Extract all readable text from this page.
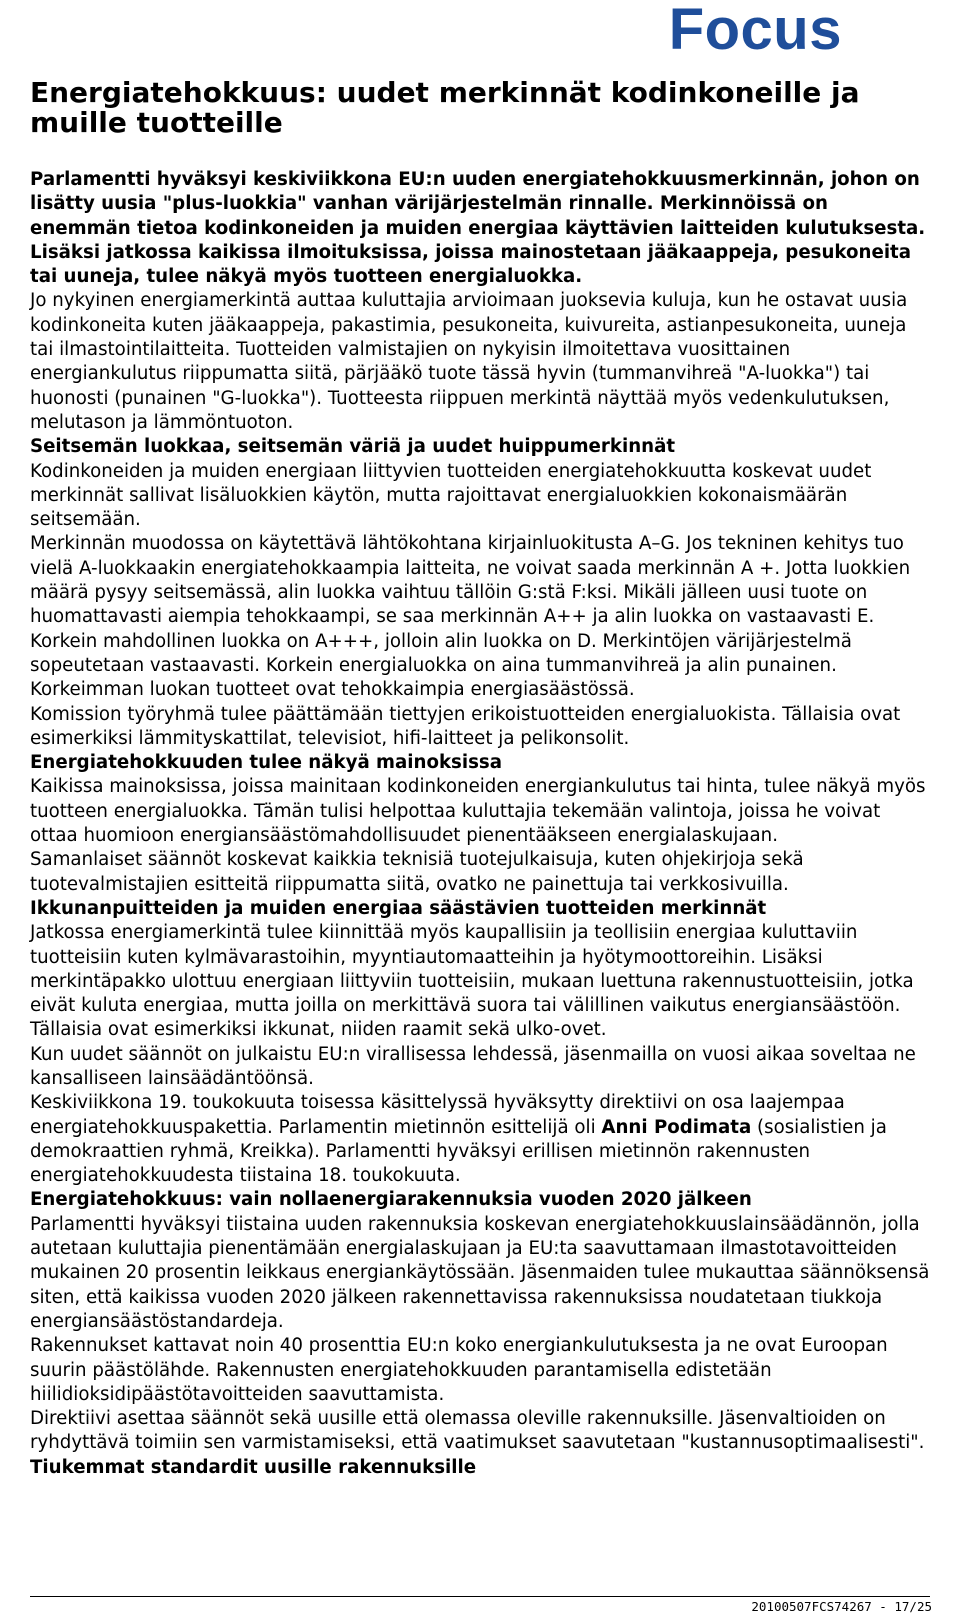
Focus
Energiatehokkuus: uudet merkinnät kodinkoneille ja muille tuotteille

Parlamentti hyväksyi keskiviikkona EU:n uuden energiatehokkuusmerkinnän, johon on lisätty uusia "plus-luokkia" vanhan värijärjestelmän rinnalle. Merkinnöissä on enemmän tietoa kodinkoneiden ja muiden energiaa käyttävien laitteiden kulutuksesta. Lisäksi jatkossa kaikissa ilmoituksissa, joissa mainostetaan jääkaappeja, pesukoneita tai uuneja, tulee näkyä myös tuotteen energialuokka.

Jo nykyinen energiamerkintä auttaa kuluttajia arvioimaan juoksevia kuluja, kun he ostavat uusia kodinkoneita kuten jääkaappeja, pakastimia, pesukoneita, kuivureita, astianpesukoneita, uuneja tai ilmastointilaitteita. Tuotteiden valmistajien on nykyisin ilmoitettava vuosittainen energiankulutus riippumatta siitä, pärjääkö tuote tässä hyvin (tummanvihreä "A-luokka") tai huonosti (punainen "G-luokka"). Tuotteesta riippuen merkintä näyttää myös vedenkulutuksen, melutason ja lämmöntuoton.

Seitsemän luokkaa, seitsemän väriä ja uudet huippumerkinnät

Kodinkoneiden ja muiden energiaan liittyvien tuotteiden energiatehokkuutta koskevat uudet merkinnät sallivat lisäluokkien käytön, mutta rajoittavat energialuokkien kokonaismäärän seitsemään.

Merkinnän muodossa on käytettävä lähtökohtana kirjainluokitusta A–G. Jos tekninen kehitys tuo vielä A-luokkaakin energiatehokkaampia laitteita, ne voivat saada merkinnän A +. Jotta luokkien määrä pysyy seitsemässä, alin luokka vaihtuu tällöin G:stä F:ksi. Mikäli jälleen uusi tuote on huomattavasti aiempia tehokkaampi, se saa merkinnän A++ ja alin luokka on vastaavasti E. Korkein mahdollinen luokka on A+++, jolloin alin luokka on D. Merkintöjen värijärjestelmä sopeutetaan vastaavasti. Korkein energialuokka on aina tummanvihreä ja alin punainen. Korkeimman luokan tuotteet ovat tehokkaimpia energiasäästössä.

Komission työryhmä tulee päättämään tiettyjen erikoistuotteiden energialuokista. Tällaisia ovat esimerkiksi lämmityskattilat, televisiot, hifi-laitteet ja pelikonsolit.

Energiatehokkuuden tulee näkyä mainoksissa

Kaikissa mainoksissa, joissa mainitaan kodinkoneiden energiankulutus tai hinta, tulee näkyä myös tuotteen energialuokka. Tämän tulisi helpottaa kuluttajia tekemään valintoja, joissa he voivat ottaa huomioon energiansäästömahdollisuudet pienentääkseen energialaskujaan.

Samanlaiset säännöt koskevat kaikkia teknisiä tuotejulkaisuja, kuten ohjekirjoja sekä tuotevalmistajien esitteitä riippumatta siitä, ovatko ne painettuja tai verkkosivuilla.

Ikkunanpuitteiden ja muiden energiaa säästävien tuotteiden merkinnät

Jatkossa energiamerkintä tulee kiinnittää myös kaupallisiin ja teollisiin energiaa kuluttaviin tuotteisiin kuten kylmävarastoihin, myyntiautomaatteihin ja hyötymoottoreihin. Lisäksi merkintäpakko ulottuu energiaan liittyviin tuotteisiin, mukaan luettuna rakennustuotteisiin, jotka eivät kuluta energiaa, mutta joilla on merkittävä suora tai välillinen vaikutus energiansäästöön. Tällaisia ovat esimerkiksi ikkunat, niiden raamit sekä ulko-ovet.

Kun uudet säännöt on julkaistu EU:n virallisessa lehdessä, jäsenmailla on vuosi aikaa soveltaa ne kansalliseen lainsäädäntöönsä.

Keskiviikkona 19. toukokuuta toisessa käsittelyssä hyväksytty direktiivi on osa laajempaa energiatehokkuuspakettia. Parlamentin mietinnön esittelijä oli Anni Podimata (sosialistien ja demokraattien ryhmä, Kreikka). Parlamentti hyväksyi erillisen mietinnön rakennusten energiatehokkuudesta tiistaina 18. toukokuuta.

Energiatehokkuus: vain nollaenergiarakennuksia vuoden 2020 jälkeen

Parlamentti hyväksyi tiistaina uuden rakennuksia koskevan energiatehokkuuslainsäädännön, jolla autetaan kuluttajia pienentämään energialaskujaan ja EU:ta saavuttamaan ilmastotavoitteiden mukainen 20 prosentin leikkaus energiankäytössään. Jäsenmaiden tulee mukauttaa säännöksensä siten, että kaikissa vuoden 2020 jälkeen rakennettavissa rakennuksissa noudatetaan tiukkoja energiansäästöstandardeja.

Rakennukset kattavat noin 40 prosenttia EU:n koko energiankulutuksesta ja ne ovat Euroopan suurin päästölähde. Rakennusten energiatehokkuuden parantamisella edistetään hiilidioksidipäästötavoitteiden saavuttamista.

Direktiivi asettaa säännöt sekä uusille että olemassa oleville rakennuksille. Jäsenvaltioiden on ryhdyttävä toimiin sen varmistamiseksi, että vaatimukset saavutetaan "kustannusoptimaalisesti".

Tiukemmat standardit uusille rakennuksille

20100507FCS74267 - 17/25
